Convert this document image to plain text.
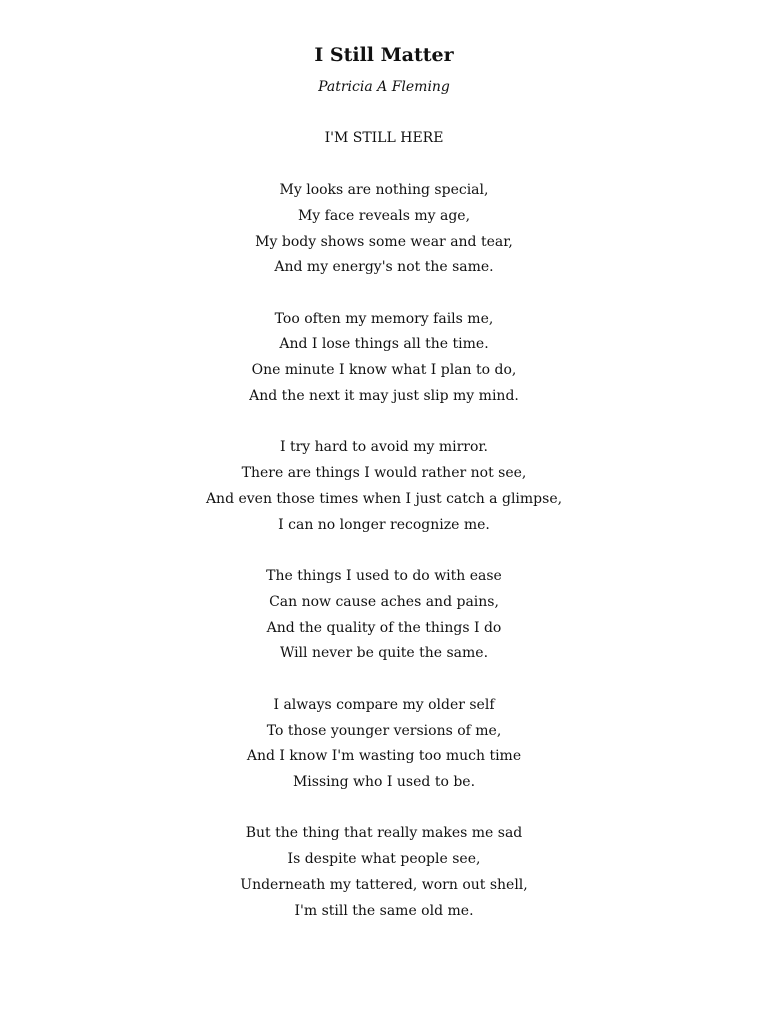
I Still Matter
Patricia A Fleming
I'M STILL HERE
My looks are nothing special,
My face reveals my age,
My body shows some wear and tear,
And my energy's not the same.
Too often my memory fails me,
And I lose things all the time.
One minute I know what I plan to do,
And the next it may just slip my mind.
I try hard to avoid my mirror.
There are things I would rather not see,
And even those times when I just catch a glimpse,
I can no longer recognize me.
The things I used to do with ease
Can now cause aches and pains,
And the quality of the things I do
Will never be quite the same.
I always compare my older self
To those younger versions of me,
And I know I'm wasting too much time
Missing who I used to be.
But the thing that really makes me sad
Is despite what people see,
Underneath my tattered, worn out shell,
I'm still the same old me.
